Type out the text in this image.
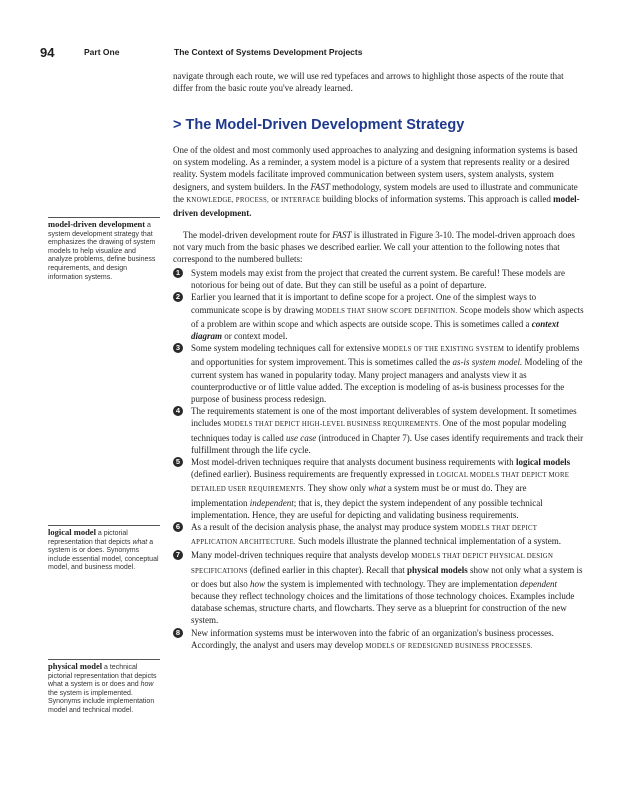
94	Part One	The Context of Systems Development Projects

navigate through each route, we will use red typefaces and arrows to highlight those aspects of the route that differ from the basic route you've already learned.

> The Model-Driven Development Strategy

One of the oldest and most commonly used approaches to analyzing and designing information systems is based on system modeling. As a reminder, a system model is a picture of a system that represents reality or a desired reality. System models facilitate improved communication between system users, system analysts, system designers, and system builders. In the FAST methodology, system models are used to illustrate and communicate the KNOWLEDGE, PROCESS, or INTERFACE building blocks of information systems. This approach is called model-driven development.

The model-driven development route for FAST is illustrated in Figure 3-10. The model-driven approach does not vary much from the basic phases we described earlier. We call your attention to the following notes that correspond to the numbered bullets:

1	System models may exist from the project that created the current system. Be careful! These models are notorious for being out of date. But they can still be useful as a point of departure.
2	Earlier you learned that it is important to define scope for a project. One of the simplest ways to communicate scope is by drawing MODELS THAT SHOW SCOPE DEFINITION. Scope models show which aspects of a problem are within scope and which aspects are outside scope. This is sometimes called a context diagram or context model.
3	Some system modeling techniques call for extensive MODELS OF THE EXISTING SYSTEM to identify problems and opportunities for system improvement. This is sometimes called the as-is system model. Modeling of the current system has waned in popularity today. Many project managers and analysts view it as counterproductive or of little value added. The exception is modeling of as-is business processes for the purpose of business process redesign.
4	The requirements statement is one of the most important deliverables of system development. It sometimes includes MODELS THAT DEPICT HIGH-LEVEL BUSINESS REQUIREMENTS. One of the most popular modeling techniques today is called use case (introduced in Chapter 7). Use cases identify requirements and track their fulfillment through the life cycle.
5	Most model-driven techniques require that analysts document business requirements with logical models (defined earlier). Business requirements are frequently expressed in LOGICAL MODELS THAT DEPICT MORE DETAILED USER REQUIREMENTS. They show only what a system must be or must do. They are implementation independent; that is, they depict the system independent of any possible technical implementation. Hence, they are useful for depicting and validating business requirements.
6	As a result of the decision analysis phase, the analyst may produce system MODELS THAT DEPICT APPLICATION ARCHITECTURE. Such models illustrate the planned technical implementation of a system.
7	Many model-driven techniques require that analysts develop MODELS THAT DEPICT PHYSICAL DESIGN SPECIFICATIONS (defined earlier in this chapter). Recall that physical models show not only what a system is or does but also how the system is implemented with technology. They are implementation dependent because they reflect technology choices and the limitations of those technology choices. Examples include database schemas, structure charts, and flowcharts. They serve as a blueprint for construction of the new system.
8	New information systems must be interwoven into the fabric of an organization's business processes. Accordingly, the analyst and users may develop MODELS OF REDESIGNED BUSINESS PROCESSES.
model-driven development a system development strategy that emphasizes the drawing of system models to help visualize and analyze problems, define business requirements, and design information systems.
logical model a pictorial representation that depicts what a system is or does. Synonyms include essential model, conceptual model, and business model.
physical model a technical pictorial representation that depicts what a system is or does and how the system is implemented. Synonyms include implementation model and technical model.
